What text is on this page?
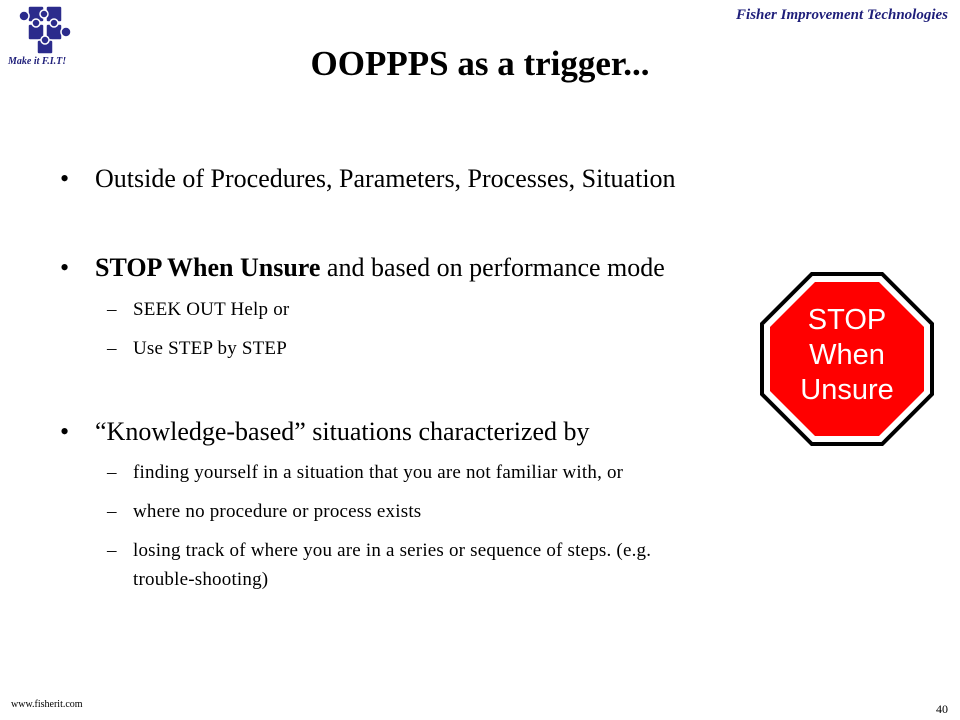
Make it F.I.T!
Fisher Improvement Technologies
OOPPPS as a trigger...
• Outside of Procedures, Parameters, Processes, Situation
• STOP When Unsure and based on performance mode
– SEEK OUT Help or
– Use STEP by STEP
• “Knowledge-based” situations characterized by
– finding yourself in a situation that you are not familiar with, or
– where no procedure or process exists
– losing track of where you are in a series or sequence of steps. (e.g.
trouble-shooting)
STOP
When
Unsure
www.fisherit.com	40
